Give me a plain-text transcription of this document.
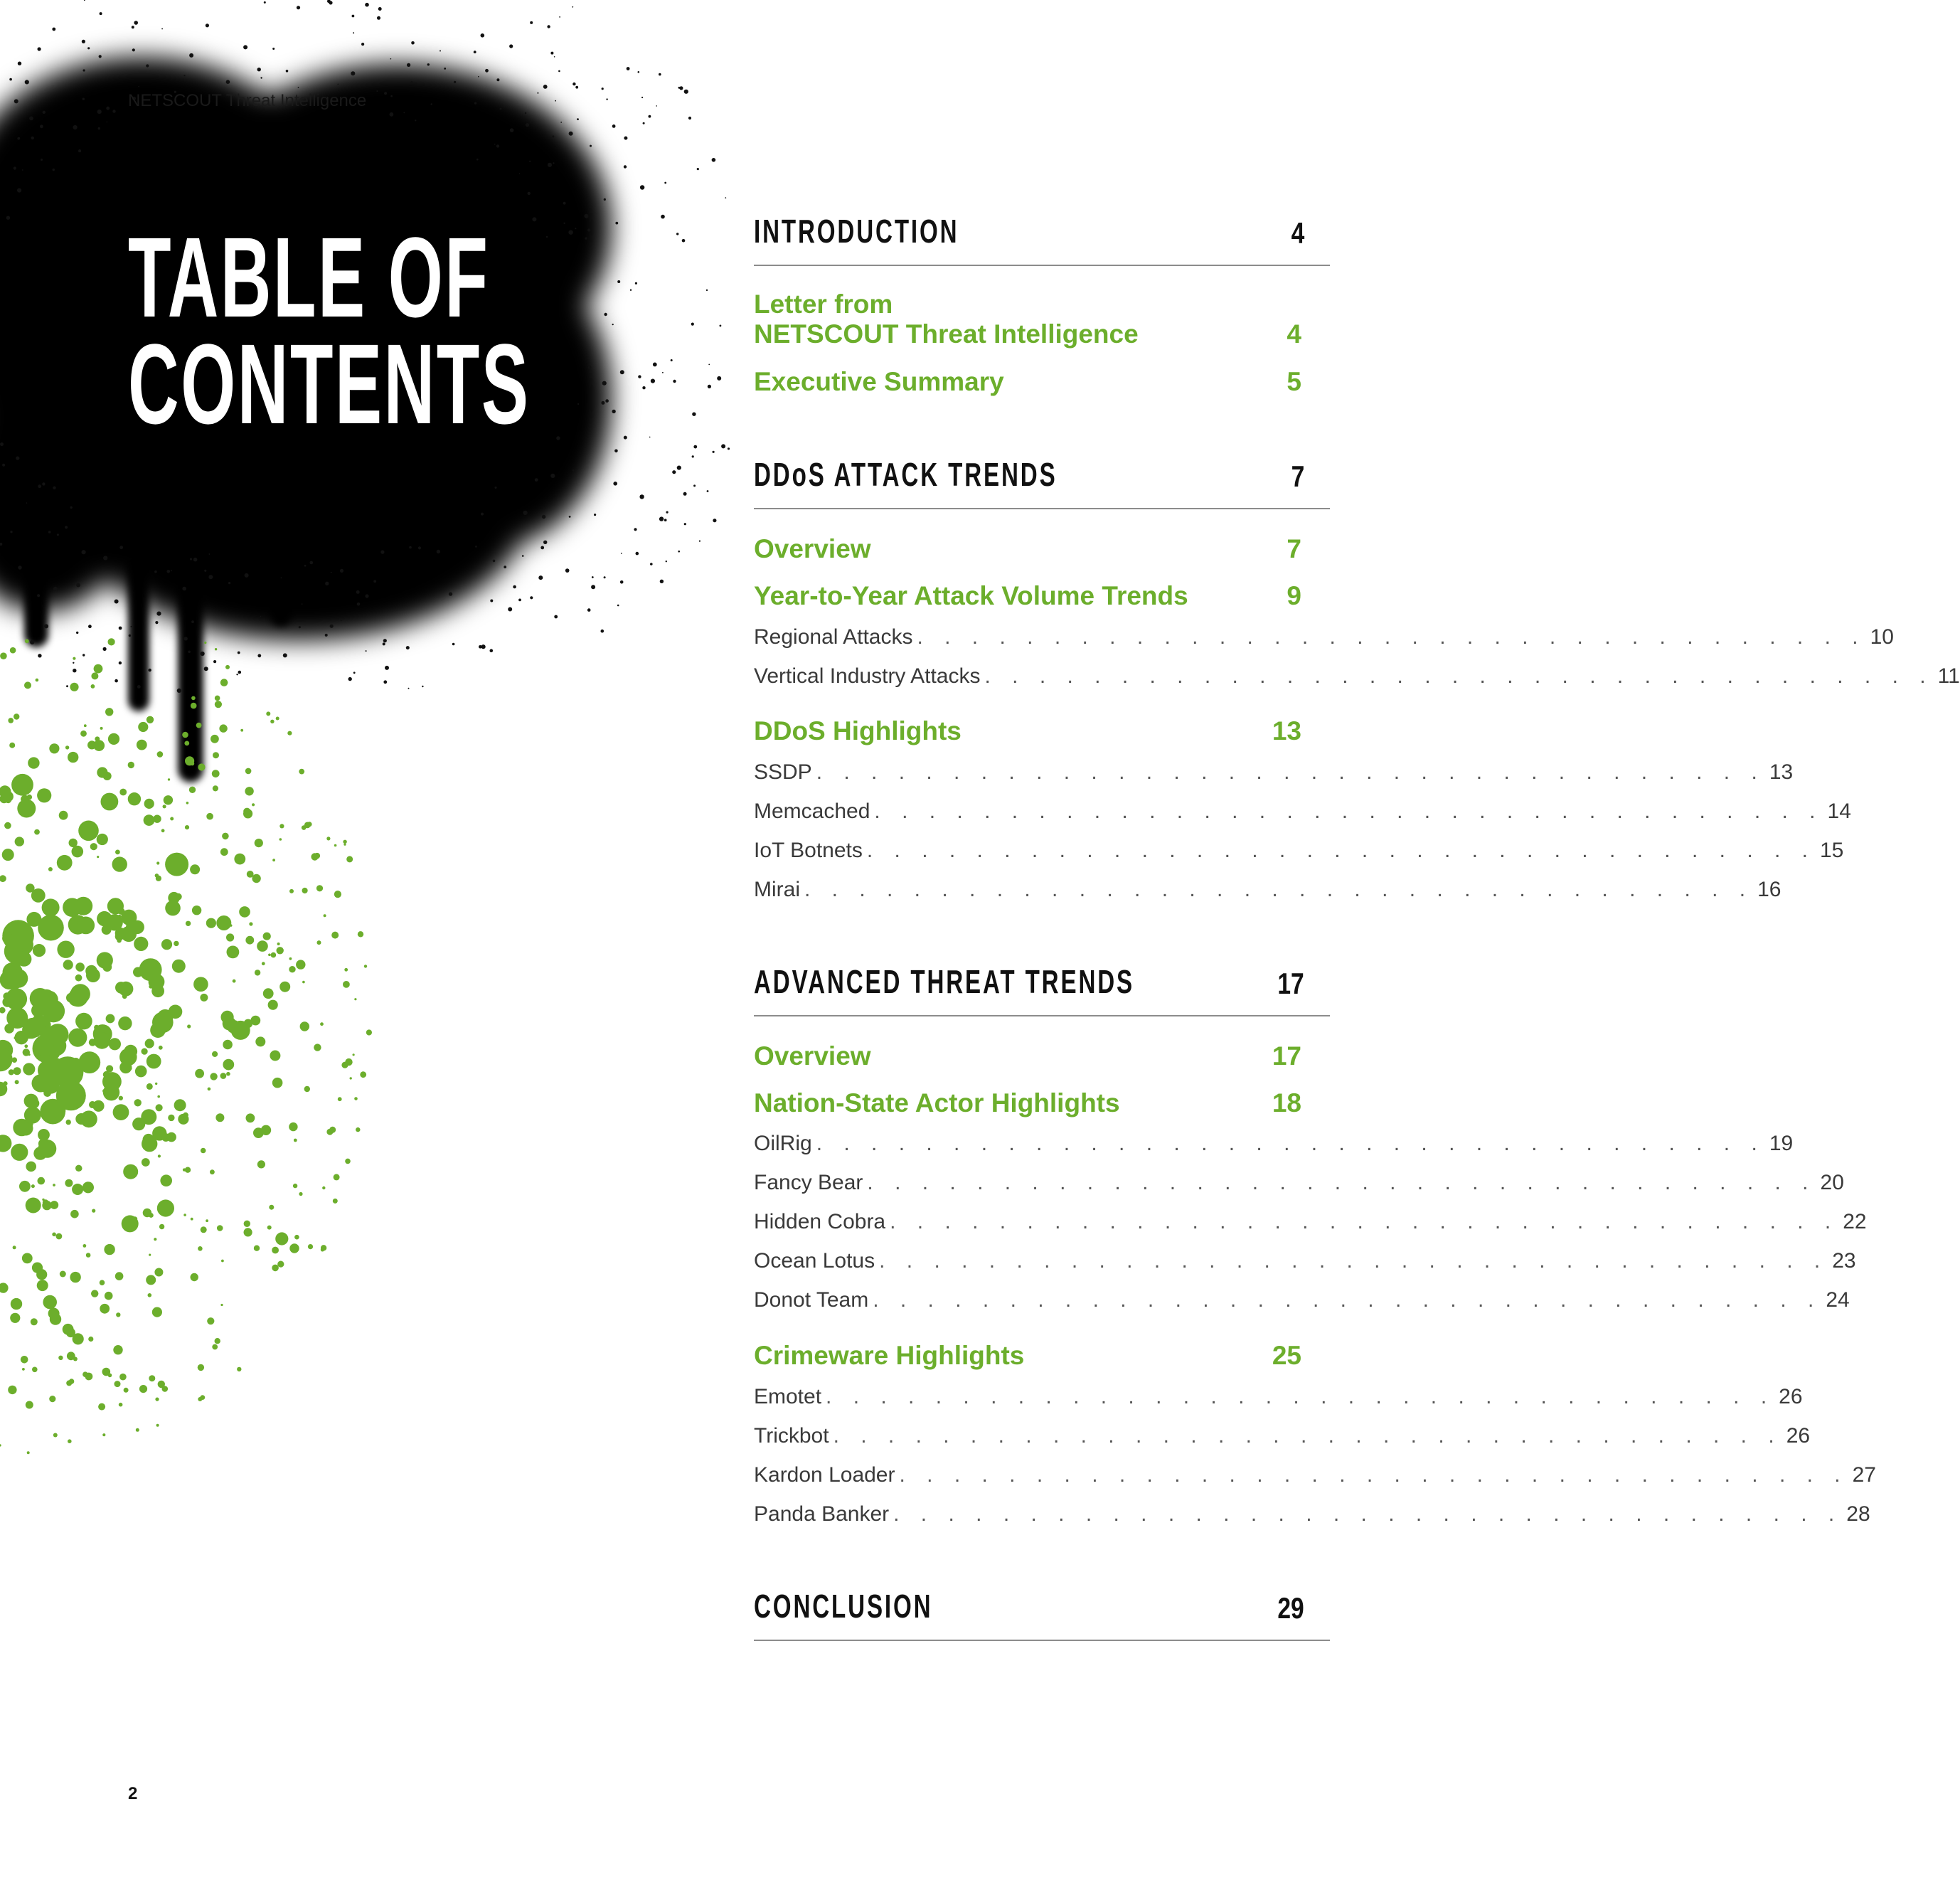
NETSCOUT Threat Intelligence
TABLE OF
CONTENTS
2
INTRODUCTION	4
Letter from
NETSCOUT Threat Intelligence	4
Executive Summary	5
DDoS ATTACK TRENDS	7
Overview	7
Year-to-Year Attack Volume Trends	9
Regional Attacks . . . . . . . . . . . . . . . . . . . . . . . . . . . . . . . . . . . 10
Vertical Industry Attacks . . . . . . . . . . . . . . . . . . . . . . . . . . . . . . . . . . . 11
DDoS Highlights	13
SSDP . . . . . . . . . . . . . . . . . . . . . . . . . . . . . . . . . . . 13
Memcached . . . . . . . . . . . . . . . . . . . . . . . . . . . . . . . . . . . 14
IoT Botnets . . . . . . . . . . . . . . . . . . . . . . . . . . . . . . . . . . . 15
Mirai . . . . . . . . . . . . . . . . . . . . . . . . . . . . . . . . . . . 16
ADVANCED THREAT TRENDS	17
Overview	17
Nation-State Actor Highlights	18
OilRig . . . . . . . . . . . . . . . . . . . . . . . . . . . . . . . . . . . 19
Fancy Bear . . . . . . . . . . . . . . . . . . . . . . . . . . . . . . . . . . . 20
Hidden Cobra . . . . . . . . . . . . . . . . . . . . . . . . . . . . . . . . . . . 22
Ocean Lotus . . . . . . . . . . . . . . . . . . . . . . . . . . . . . . . . . . . 23
Donot Team . . . . . . . . . . . . . . . . . . . . . . . . . . . . . . . . . . . 24
Crimeware Highlights	25
Emotet . . . . . . . . . . . . . . . . . . . . . . . . . . . . . . . . . . . 26
Trickbot . . . . . . . . . . . . . . . . . . . . . . . . . . . . . . . . . . . 26
Kardon Loader . . . . . . . . . . . . . . . . . . . . . . . . . . . . . . . . . . . 27
Panda Banker . . . . . . . . . . . . . . . . . . . . . . . . . . . . . . . . . . . 28
CONCLUSION	29
